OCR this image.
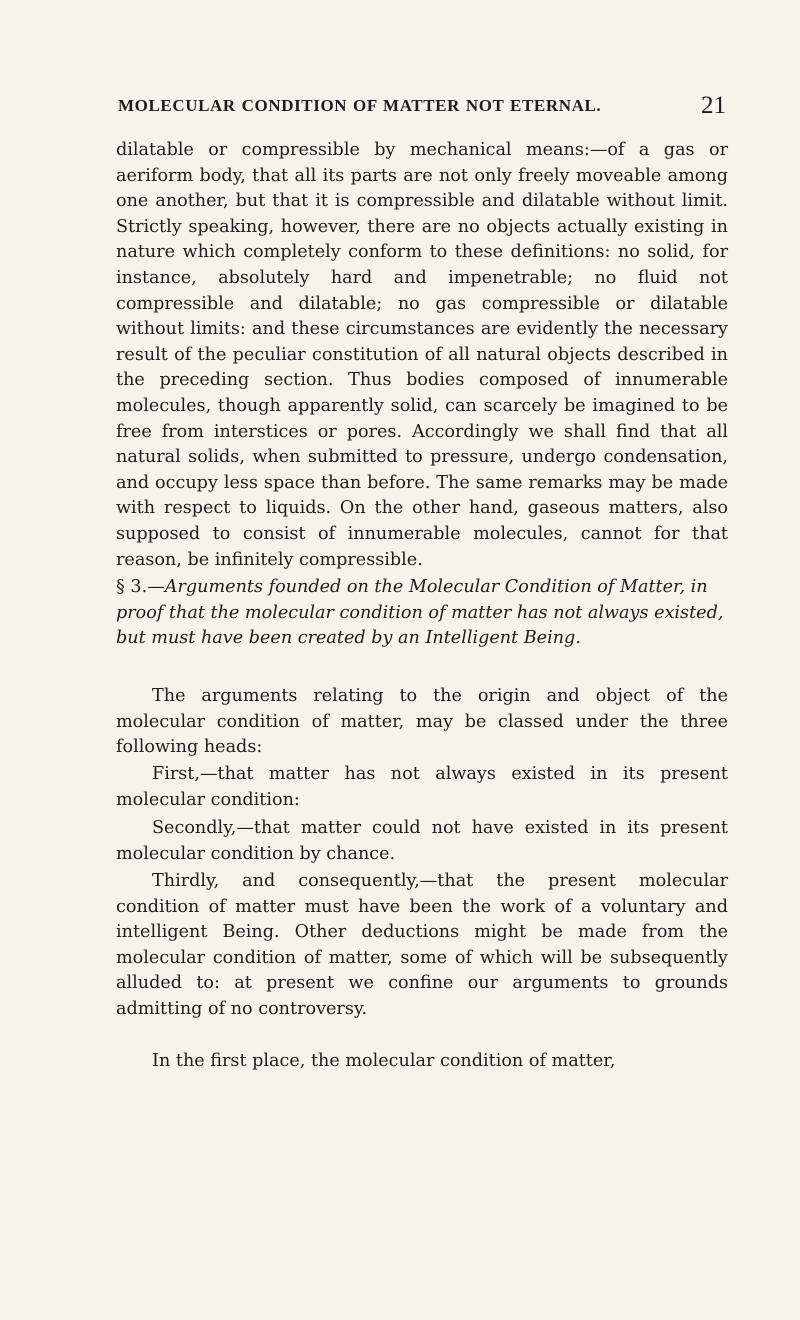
MOLECULAR CONDITION OF MATTER NOT ETERNAL.	21

dilatable or compressible by mechanical means:—of a gas or aeriform body, that all its parts are not only freely moveable among one another, but that it is compressible and dilatable without limit. Strictly speaking, however, there are no objects actually existing in nature which completely conform to these definitions: no solid, for instance, absolutely hard and impenetrable; no fluid not compressible and dilatable; no gas compressible or dilatable without limits: and these circumstances are evidently the necessary result of the peculiar constitution of all natural objects described in the preceding section. Thus bodies composed of innumerable molecules, though apparently solid, can scarcely be imagined to be free from interstices or pores. Accordingly we shall find that all natural solids, when submitted to pressure, undergo condensation, and occupy less space than before. The same remarks may be made with respect to liquids. On the other hand, gaseous matters, also supposed to consist of innumerable molecules, cannot for that reason, be infinitely compressible.

§ 3.—Arguments founded on the Molecular Condition of Matter, in proof that the molecular condition of matter has not always existed, but must have been created by an Intelligent Being.

The arguments relating to the origin and object of the molecular condition of matter, may be classed under the three following heads:

First,—that matter has not always existed in its present molecular condition:

Secondly,—that matter could not have existed in its present molecular condition by chance.

Thirdly, and consequently,—that the present molecular condition of matter must have been the work of a voluntary and intelligent Being. Other deductions might be made from the molecular condition of matter, some of which will be subsequently alluded to: at present we confine our arguments to grounds admitting of no controversy.

In the first place, the molecular condition of matter,
